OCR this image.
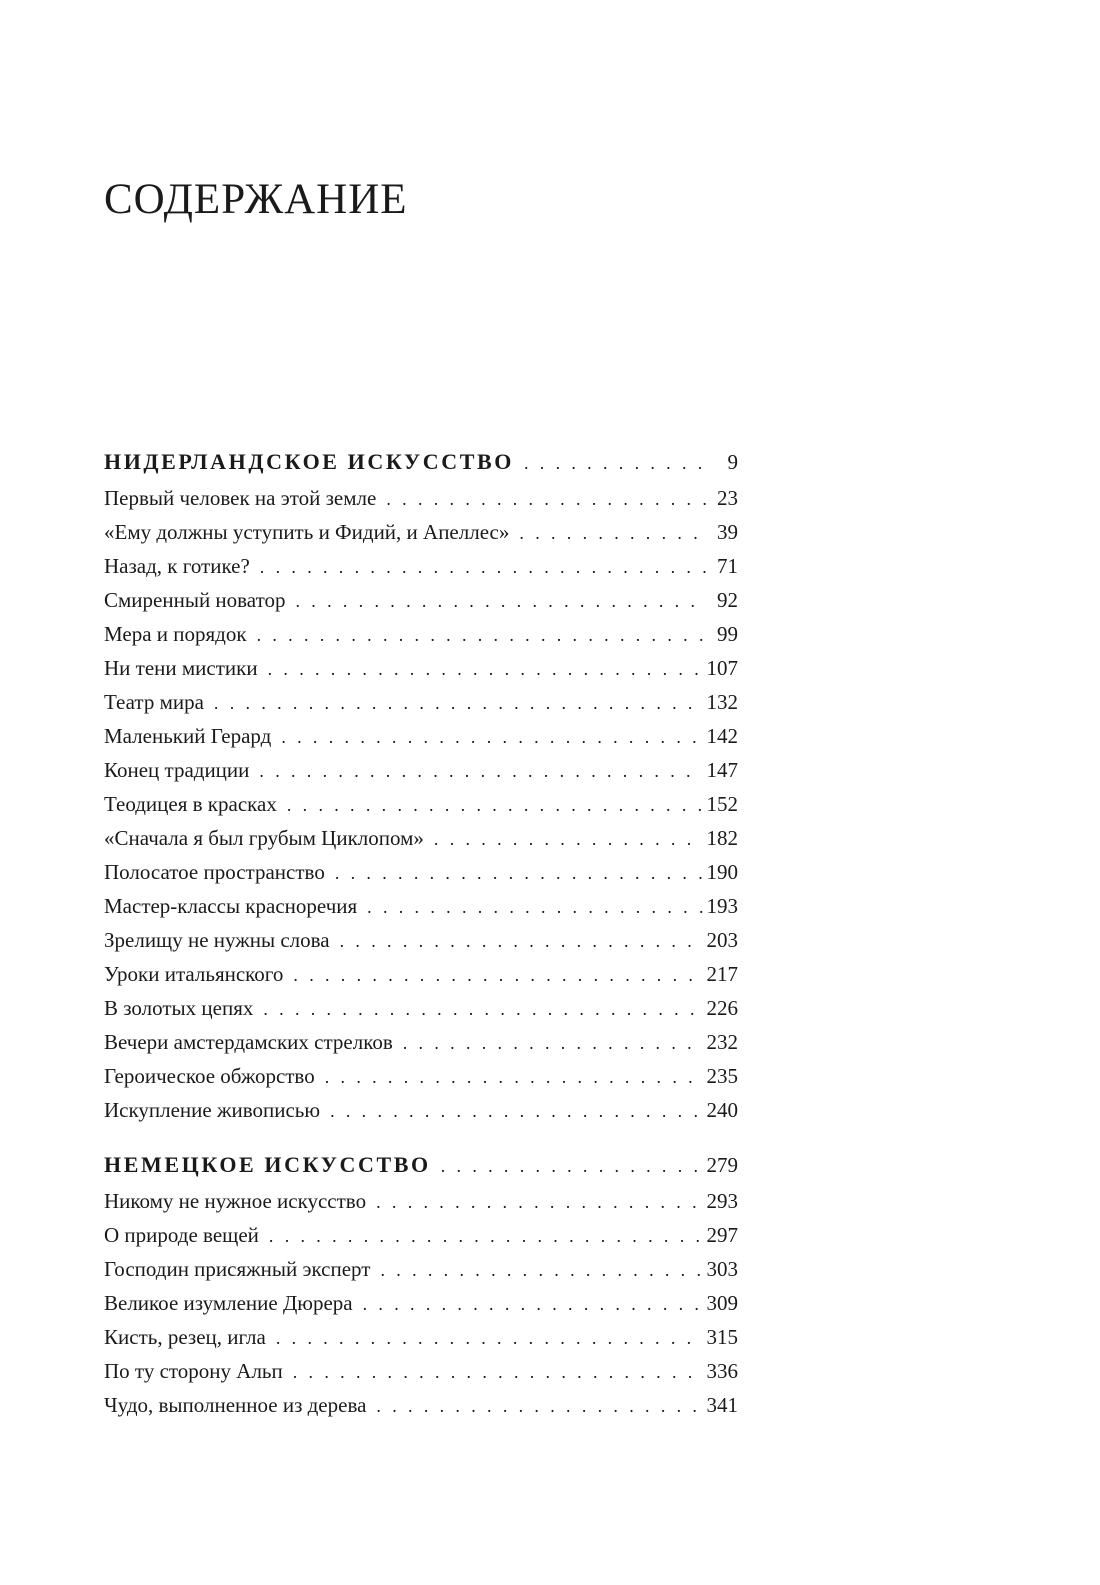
СОДЕРЖАНИЕ
НИДЕРЛАНДСКОЕ ИСКУССТВО . . .	9
Первый человек на этой земле . . .	23
«Ему должны уступить и Фидий, и Апеллес» . . .	39
Назад, к готике? . . .	71
Смиренный новатор . . .	92
Мера и порядок . . .	99
Ни тени мистики . . .	107
Театр мира . . .	132
Маленький Герард . . .	142
Конец традиции . . .	147
Теодицея в красках . . .	152
«Сначала я был грубым Циклопом» . . .	182
Полосатое пространство . . .	190
Мастер-классы красноречия . . .	193
Зрелищу не нужны слова . . .	203
Уроки итальянского . . .	217
В золотых цепях . . .	226
Вечери амстердамских стрелков . . .	232
Героическое обжорство . . .	235
Искупление живописью . . .	240
НЕМЕЦКОЕ ИСКУССТВО . . .	279
Никому не нужное искусство . . .	293
О природе вещей . . .	297
Господин присяжный эксперт . . .	303
Великое изумление Дюрера . . .	309
Кисть, резец, игла . . .	315
По ту сторону Альп . . .	336
Чудо, выполненное из дерева . . .	341
